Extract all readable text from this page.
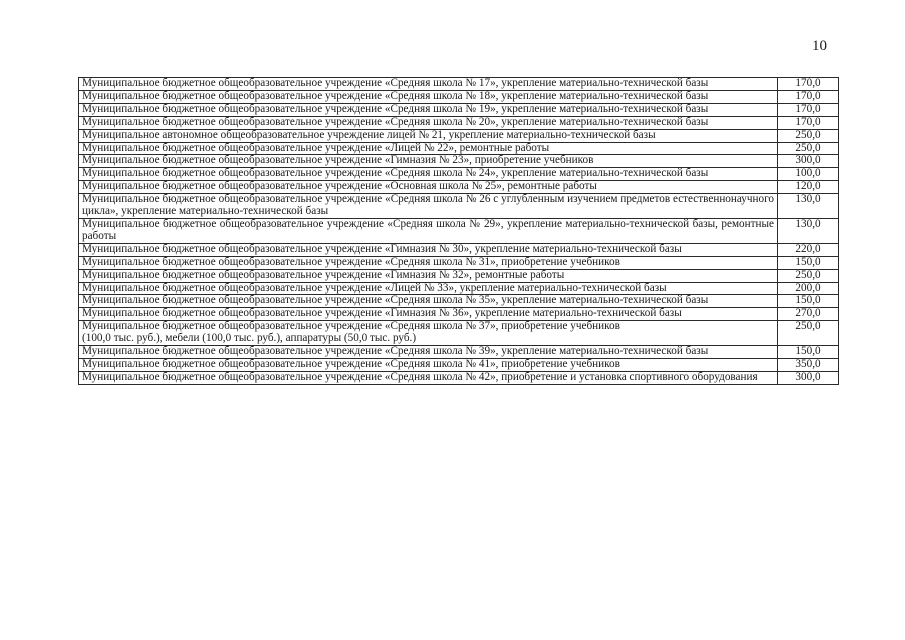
10
Муниципальное бюджетное общеобразовательное учреждение «Средняя школа № 17», укрепление материально-технической базы	170,0
Муниципальное бюджетное общеобразовательное учреждение «Средняя школа № 18», укрепление материально-технической базы	170,0
Муниципальное бюджетное общеобразовательное учреждение «Средняя школа № 19», укрепление материально-технической базы	170,0
Муниципальное бюджетное общеобразовательное учреждение «Средняя школа № 20», укрепление материально-технической базы	170,0
Муниципальное автономное общеобразовательное учреждение лицей № 21, укрепление материально-технической базы	250,0
Муниципальное бюджетное общеобразовательное учреждение «Лицей № 22», ремонтные работы	250,0
Муниципальное бюджетное общеобразовательное учреждение «Гимназия № 23», приобретение учебников	300,0
Муниципальное бюджетное общеобразовательное учреждение «Средняя школа № 24», укрепление материально-технической базы	100,0
Муниципальное бюджетное общеобразовательное учреждение «Основная школа № 25», ремонтные работы	120,0
Муниципальное бюджетное общеобразовательное учреждение «Средняя школа № 26 с углубленным изучением предметов естественнонаучного цикла», укрепление материально-технической базы	130,0
Муниципальное бюджетное общеобразовательное учреждение «Средняя школа № 29», укрепление материально-технической базы, ремонтные работы	130,0
Муниципальное бюджетное общеобразовательное учреждение «Гимназия № 30», укрепление материально-технической базы	220,0
Муниципальное бюджетное общеобразовательное учреждение «Средняя школа № 31», приобретение учебников	150,0
Муниципальное бюджетное общеобразовательное учреждение «Гимназия № 32», ремонтные работы	250,0
Муниципальное бюджетное общеобразовательное учреждение «Лицей № 33», укрепление материально-технической базы	200,0
Муниципальное бюджетное общеобразовательное учреждение «Средняя школа № 35», укрепление материально-технической базы	150,0
Муниципальное бюджетное общеобразовательное учреждение «Гимназия № 36», укрепление материально-технической базы	270,0
Муниципальное бюджетное общеобразовательное учреждение «Средняя школа № 37», приобретение учебников
(100,0 тыс. руб.), мебели (100,0 тыс. руб.), аппаратуры (50,0 тыс. руб.)	250,0
Муниципальное бюджетное общеобразовательное учреждение «Средняя школа № 39», укрепление материально-технической базы	150,0
Муниципальное бюджетное общеобразовательное учреждение «Средняя школа № 41», приобретение учебников	350,0
Муниципальное бюджетное общеобразовательное учреждение «Средняя школа № 42», приобретение и установка спортивного оборудования	300,0
